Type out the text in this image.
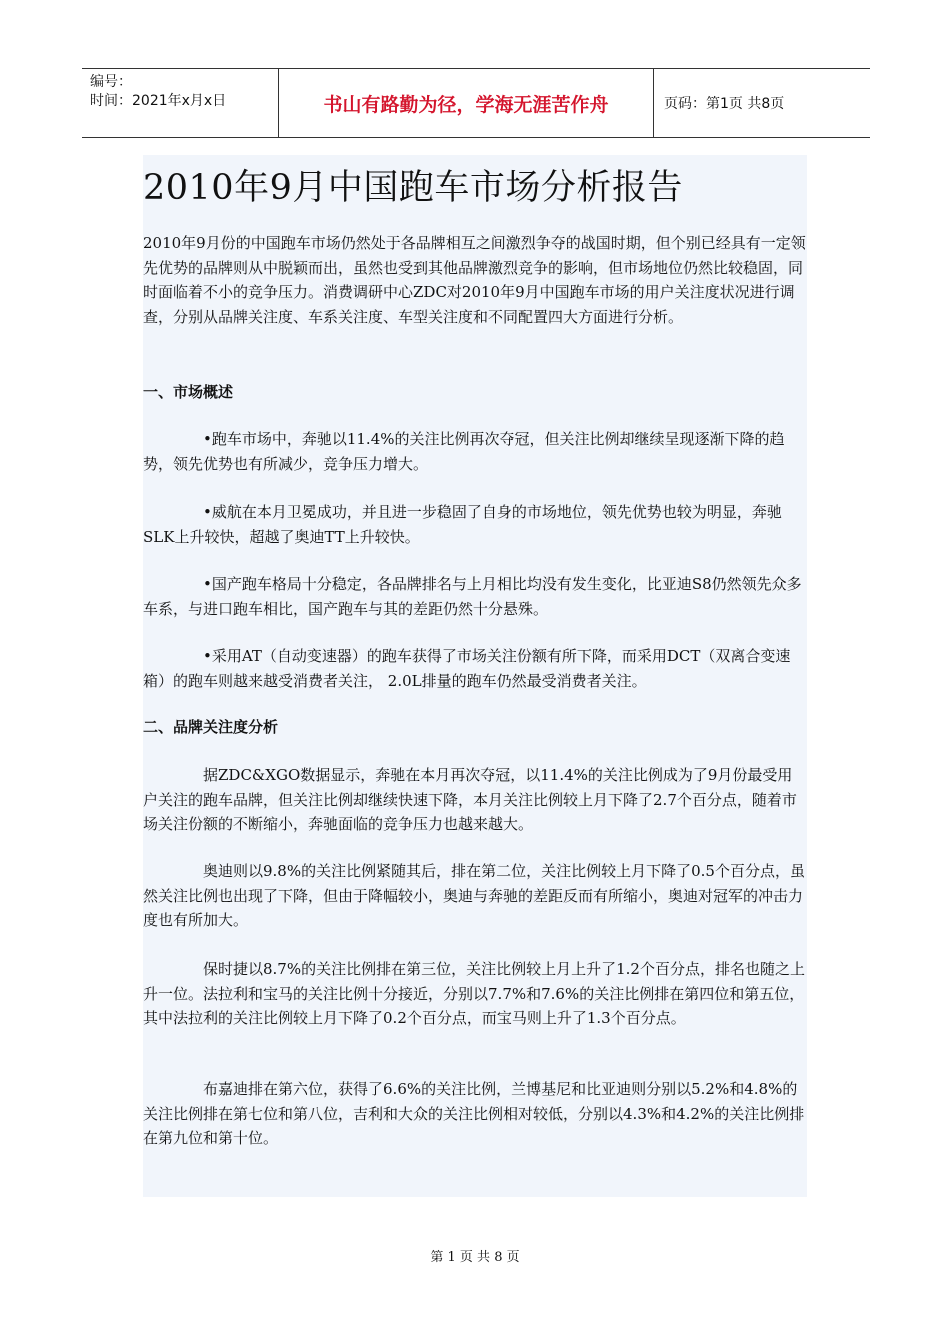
编号：
时间：2021年x月x日	书山有路勤为径，学海无涯苦作舟	页码：第1页 共8页
2010年9月中国跑车市场分析报告

2010年9月份的中国跑车市场仍然处于各品牌相互之间激烈争夺的战国时期，但个别已经具有一定领先优势的品牌则从中脱颖而出，虽然也受到其他品牌激烈竞争的影响，但市场地位仍然比较稳固，同时面临着不小的竞争压力。消费调研中心ZDC对2010年9月中国跑车市场的用户关注度状况进行调查，分别从品牌关注度、车系关注度、车型关注度和不同配置四大方面进行分析。

一、市场概述

•跑车市场中，奔驰以11.4%的关注比例再次夺冠，但关注比例却继续呈现逐渐下降的趋势，领先优势也有所减少，竞争压力增大。

•威航在本月卫冕成功，并且进一步稳固了自身的市场地位，领先优势也较为明显，奔驰SLK上升较快，超越了奥迪TT上升较快。

•国产跑车格局十分稳定，各品牌排名与上月相比均没有发生变化，比亚迪S8仍然领先众多车系，与进口跑车相比，国产跑车与其的差距仍然十分悬殊。

•采用AT（自动变速器）的跑车获得了市场关注份额有所下降，而采用DCT（双离合变速箱）的跑车则越来越受消费者关注， 2.0L排量的跑车仍然最受消费者关注。

二、品牌关注度分析

据ZDC&XGO数据显示，奔驰在本月再次夺冠，以11.4%的关注比例成为了9月份最受用户关注的跑车品牌，但关注比例却继续快速下降，本月关注比例较上月下降了2.7个百分点，随着市场关注份额的不断缩小，奔驰面临的竞争压力也越来越大。

奥迪则以9.8%的关注比例紧随其后，排在第二位，关注比例较上月下降了0.5个百分点，虽然关注比例也出现了下降，但由于降幅较小，奥迪与奔驰的差距反而有所缩小，奥迪对冠军的冲击力度也有所加大。

保时捷以8.7%的关注比例排在第三位，关注比例较上月上升了1.2个百分点，排名也随之上升一位。法拉利和宝马的关注比例十分接近，分别以7.7%和7.6%的关注比例排在第四位和第五位，其中法拉利的关注比例较上月下降了0.2个百分点，而宝马则上升了1.3个百分点。

布嘉迪排在第六位，获得了6.6%的关注比例，兰博基尼和比亚迪则分别以5.2%和4.8%的关注比例排在第七位和第八位，吉利和大众的关注比例相对较低，分别以4.3%和4.2%的关注比例排在第九位和第十位。

第 1 页 共 8 页
